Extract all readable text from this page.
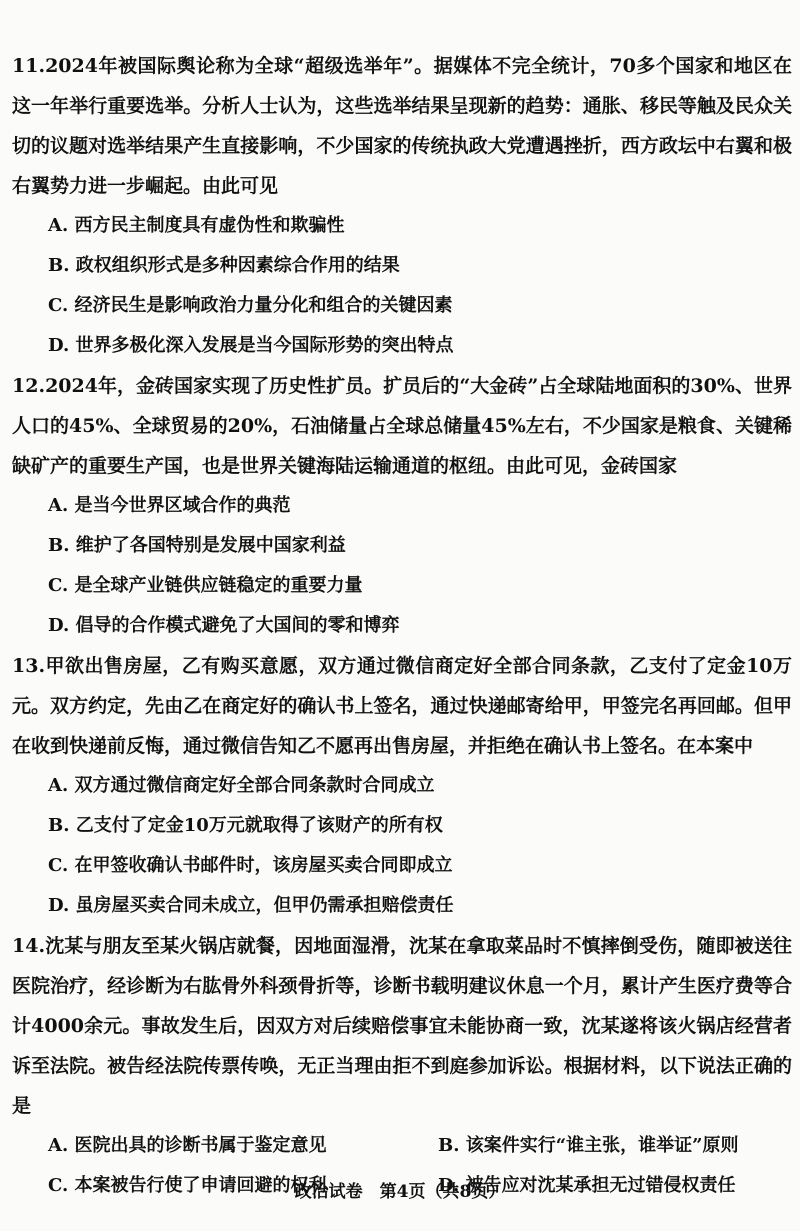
11.2024年被国际舆论称为全球“超级选举年”。据媒体不完全统计，70多个国家和地区在这一年举行重要选举。分析人士认为，这些选举结果呈现新的趋势：通胀、移民等触及民众关切的议题对选举结果产生直接影响，不少国家的传统执政大党遭遇挫折，西方政坛中右翼和极右翼势力进一步崛起。由此可见
A. 西方民主制度具有虚伪性和欺骗性
B. 政权组织形式是多种因素综合作用的结果
C. 经济民生是影响政治力量分化和组合的关键因素
D. 世界多极化深入发展是当今国际形势的突出特点
12.2024年，金砖国家实现了历史性扩员。扩员后的“大金砖”占全球陆地面积的30%、世界人口的45%、全球贸易的20%，石油储量占全球总储量45%左右，不少国家是粮食、关键稀缺矿产的重要生产国，也是世界关键海陆运输通道的枢纽。由此可见，金砖国家
A. 是当今世界区域合作的典范
B. 维护了各国特别是发展中国家利益
C. 是全球产业链供应链稳定的重要力量
D. 倡导的合作模式避免了大国间的零和博弈
13.甲欲出售房屋，乙有购买意愿，双方通过微信商定好全部合同条款，乙支付了定金10万元。双方约定，先由乙在商定好的确认书上签名，通过快递邮寄给甲，甲签完名再回邮。但甲在收到快递前反悔，通过微信告知乙不愿再出售房屋，并拒绝在确认书上签名。在本案中
A. 双方通过微信商定好全部合同条款时合同成立
B. 乙支付了定金10万元就取得了该财产的所有权
C. 在甲签收确认书邮件时，该房屋买卖合同即成立
D. 虽房屋买卖合同未成立，但甲仍需承担赔偿责任
14.沈某与朋友至某火锅店就餐，因地面湿滑，沈某在拿取菜品时不慎摔倒受伤，随即被送往医院治疗，经诊断为右肱骨外科颈骨折等，诊断书载明建议休息一个月，累计产生医疗费等合计4000余元。事故发生后，因双方对后续赔偿事宜未能协商一致，沈某遂将该火锅店经营者诉至法院。被告经法院传票传唤，无正当理由拒不到庭参加诉讼。根据材料，以下说法正确的是
A. 医院出具的诊断书属于鉴定意见	B. 该案件实行“谁主张，谁举证”原则
C. 本案被告行使了申请回避的权利	D. 被告应对沈某承担无过错侵权责任
政治试卷　第4页（共8页）
